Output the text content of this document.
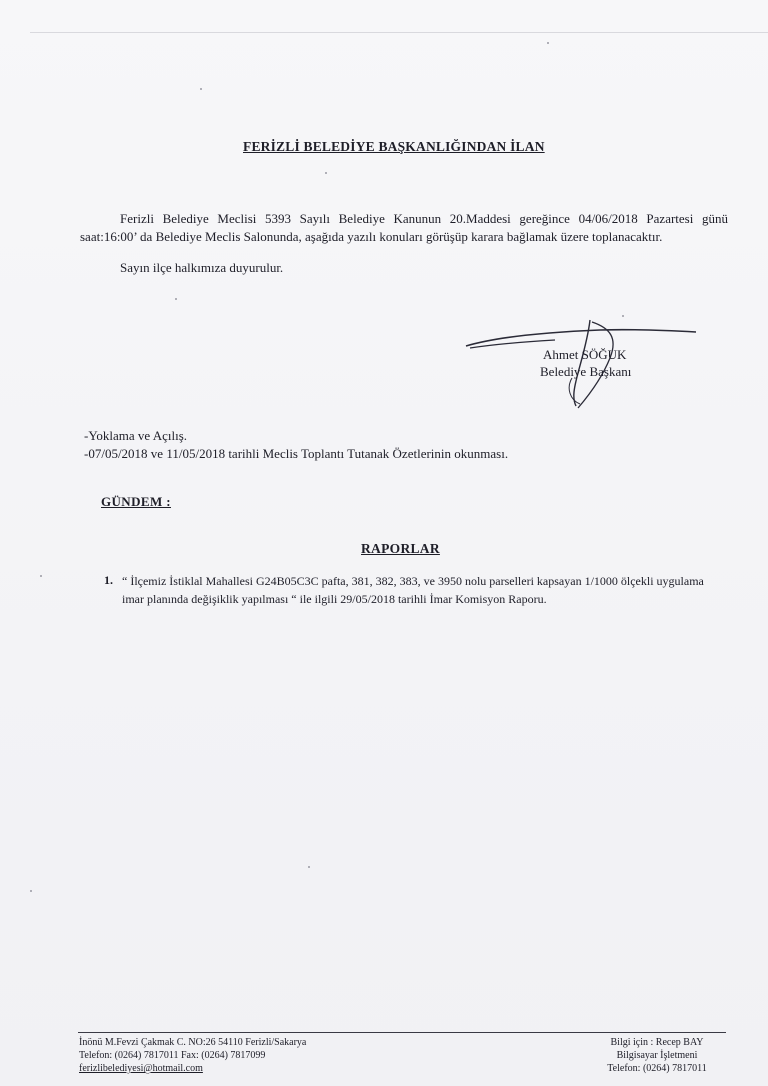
FERİZLİ BELEDİYE BAŞKANLIĞINDAN İLAN

Ferizli Belediye Meclisi 5393 Sayılı Belediye Kanunun 20.Maddesi gereğince 04/06/2018 Pazartesi günü saat:16:00’ da Belediye Meclis Salonunda, aşağıda yazılı konuları görüşüp karara bağlamak üzere toplanacaktır.

Sayın ilçe halkımıza duyurulur.
Ahmet SÖĞUK
Belediye Başkanı
-Yoklama ve Açılış.
-07/05/2018 ve 11/05/2018 tarihli Meclis Toplantı Tutanak Özetlerinin okunması.
GÜNDEM :
RAPORLAR
1. “ İlçemiz İstiklal Mahallesi G24B05C3C pafta, 381, 382, 383, ve 3950 nolu parselleri kapsayan 1/1000 ölçekli uygulama imar planında değişiklik yapılması “ ile ilgili 29/05/2018 tarihli İmar Komisyon Raporu.
İnönü M.Fevzi Çakmak C. NO:26 54110 Ferizli/Sakarya
Telefon: (0264) 7817011 Fax: (0264) 7817099
ferizlibelediyesi@hotmail.com
Bilgi için : Recep BAY
Bilgisayar İşletmeni
Telefon: (0264) 7817011
